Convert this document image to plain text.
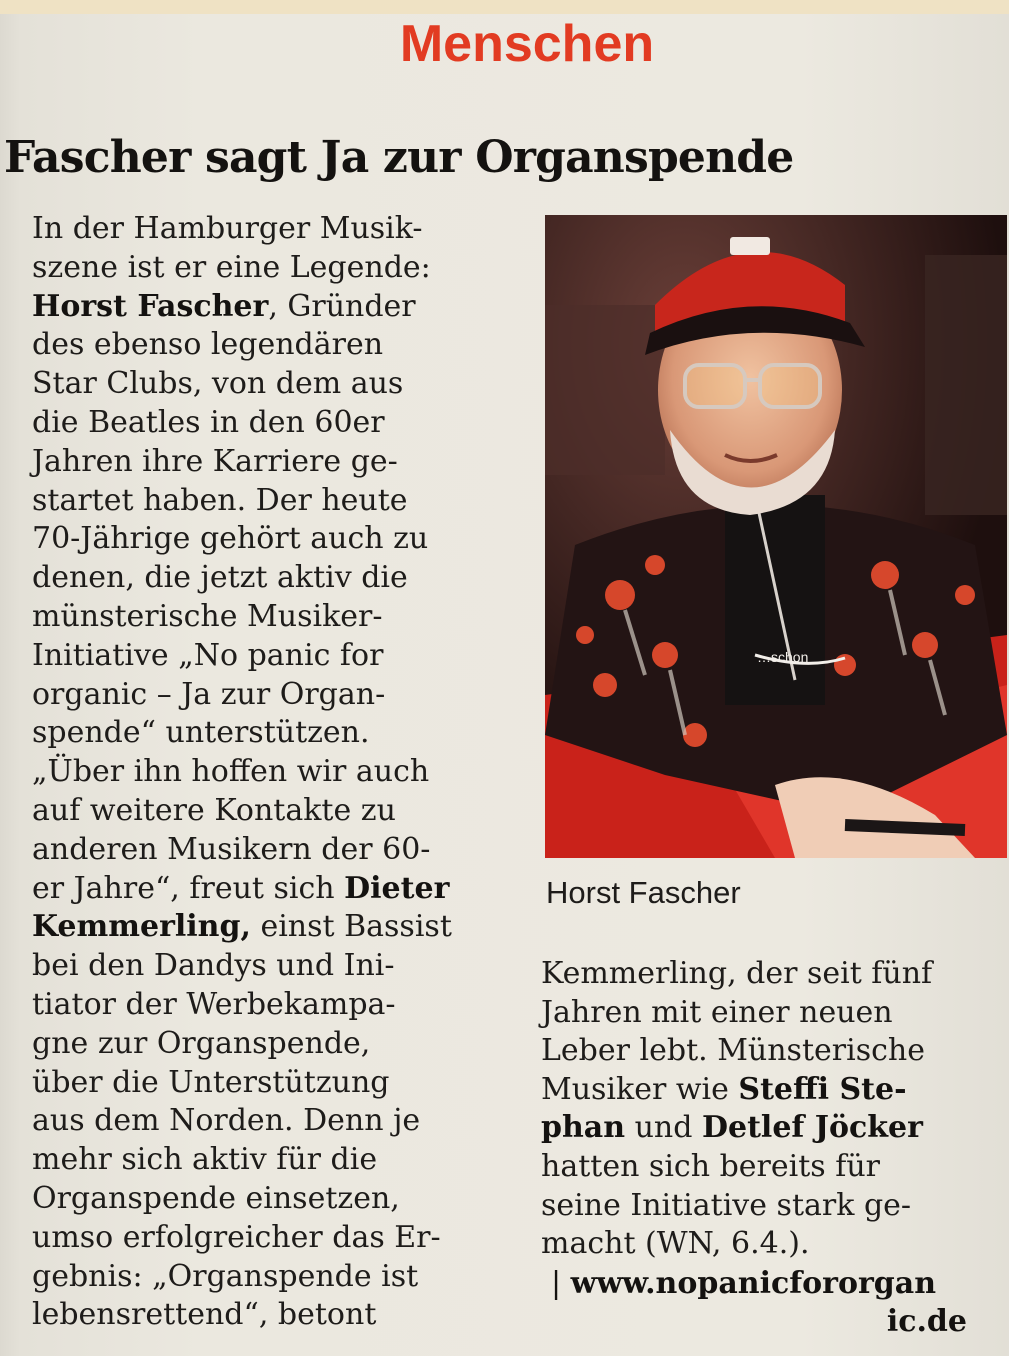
Menschen
Fascher sagt Ja zur Organspende
In der Hamburger Musik-
szene ist er eine Legende:
Horst Fascher, Gründer
des ebenso legendären
Star Clubs, von dem aus
die Beatles in den 60er
Jahren ihre Karriere ge-
startet haben. Der heute
70-Jährige gehört auch zu
denen, die jetzt aktiv die
münsterische Musiker-
Initiative „No panic for
organic – Ja zur Organ-
spende“ unterstützen.
„Über ihn hoffen wir auch
auf weitere Kontakte zu
anderen Musikern der 60-
er Jahre“, freut sich Dieter
Kemmerling, einst Bassist
bei den Dandys und Ini-
tiator der Werbekampa-
gne zur Organspende,
über die Unterstützung
aus dem Norden. Denn je
mehr sich aktiv für die
Organspende einsetzen,
umso erfolgreicher das Er-
gebnis: „Organspende ist
lebensrettend“, betont
…schon
Horst Fascher
Kemmerling, der seit fünf
Jahren mit einer neuen
Leber lebt. Münsterische
Musiker wie Steffi Ste-
phan und Detlef Jöcker
hatten sich bereits für
seine Initiative stark ge-
macht (WN, 6.4.).
| www.nopanicfororgan
ic.de
